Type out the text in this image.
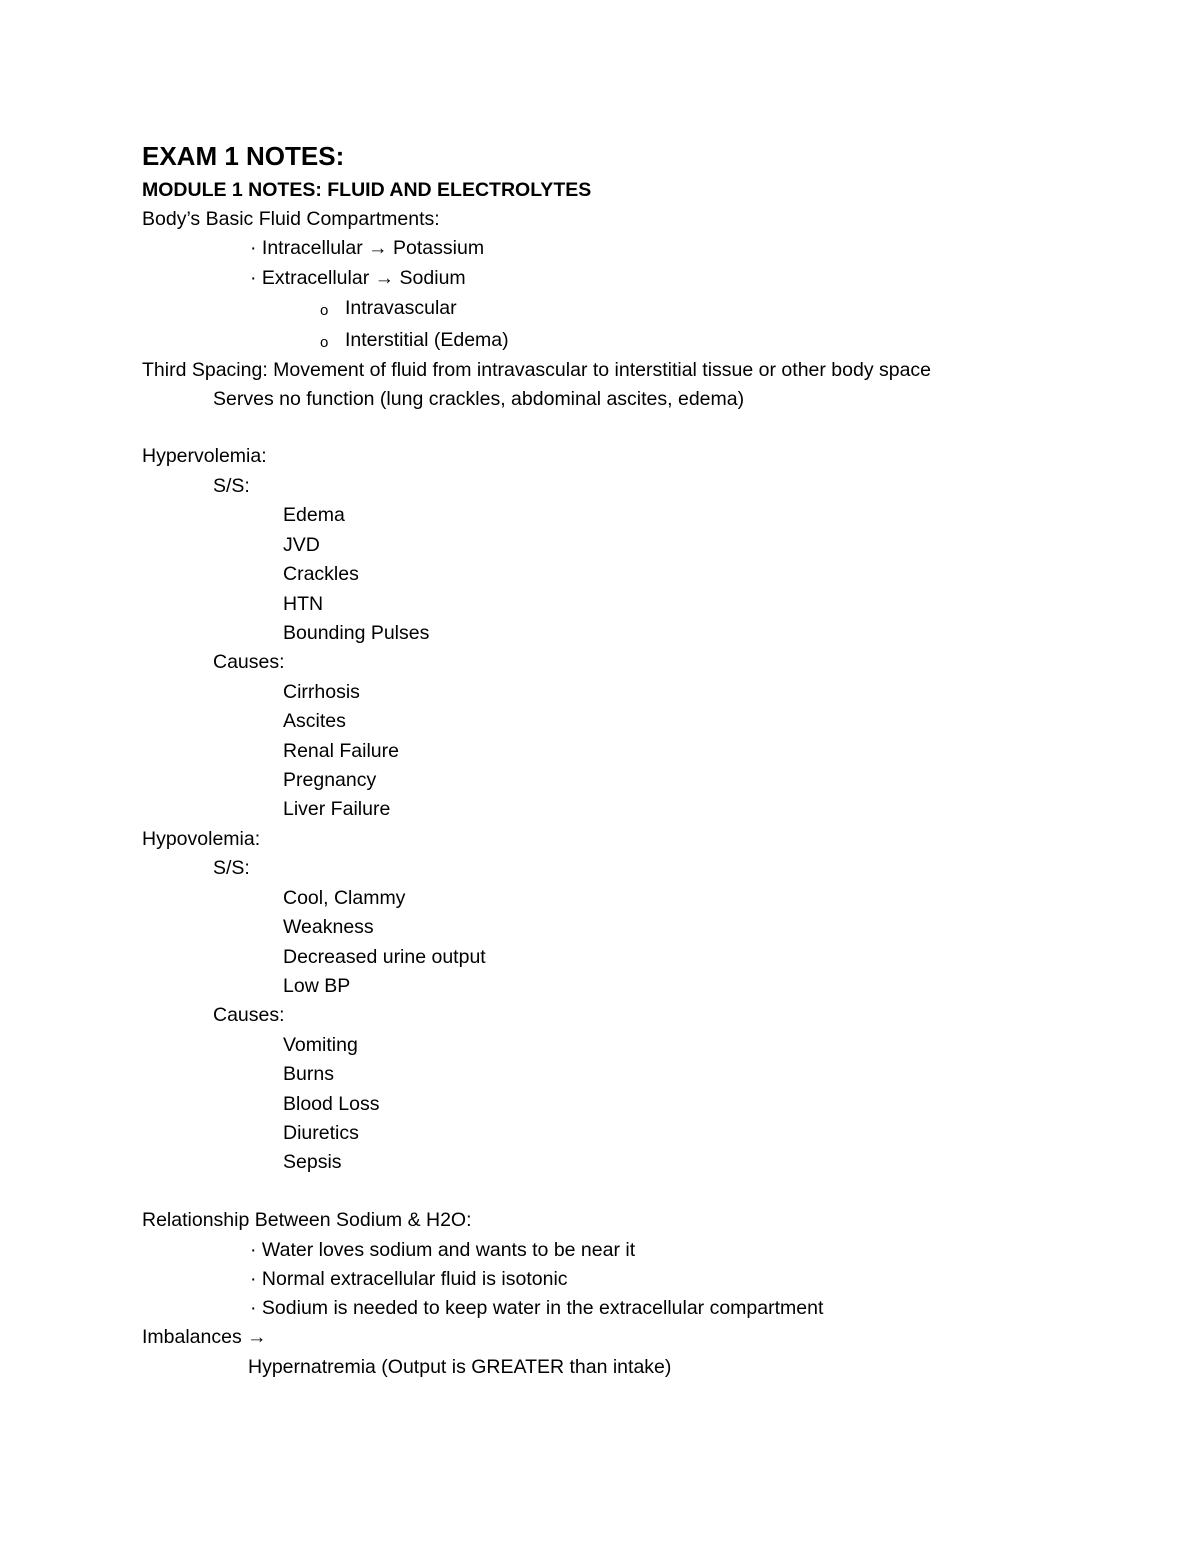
EXAM 1 NOTES:
MODULE 1 NOTES: FLUID AND ELECTROLYTES
Body’s Basic Fluid Compartments:
· Intracellular → Potassium
· Extracellular → Sodium
o Intravascular
o Interstitial (Edema)
Third Spacing: Movement of fluid from intravascular to interstitial tissue or other body space
Serves no function (lung crackles, abdominal ascites, edema)
Hypervolemia:
S/S:
Edema
JVD
Crackles
HTN
Bounding Pulses
Causes:
Cirrhosis
Ascites
Renal Failure
Pregnancy
Liver Failure
Hypovolemia:
S/S:
Cool, Clammy
Weakness
Decreased urine output
Low BP
Causes:
Vomiting
Burns
Blood Loss
Diuretics
Sepsis
Relationship Between Sodium & H2O:
· Water loves sodium and wants to be near it
· Normal extracellular fluid is isotonic
· Sodium is needed to keep water in the extracellular compartment
Imbalances →
Hypernatremia (Output is GREATER than intake)
